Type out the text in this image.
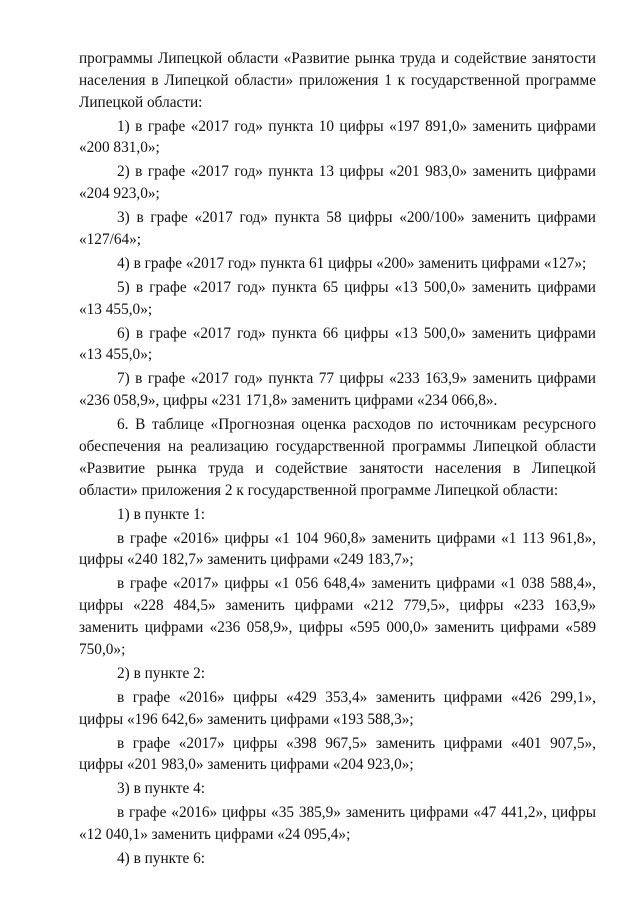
программы Липецкой области «Развитие рынка труда и содействие занятости населения в Липецкой области» приложения 1 к государственной программе Липецкой области:

1) в графе «2017 год» пункта 10 цифры «197 891,0» заменить цифрами «200 831,0»;

2) в графе «2017 год» пункта 13 цифры «201 983,0» заменить цифрами «204 923,0»;

3) в графе «2017 год» пункта 58 цифры «200/100» заменить цифрами «127/64»;

4) в графе «2017 год» пункта 61 цифры «200» заменить цифрами «127»;

5) в графе «2017 год» пункта 65 цифры «13 500,0» заменить цифрами «13 455,0»;

6) в графе «2017 год» пункта 66 цифры «13 500,0» заменить цифрами «13 455,0»;

7) в графе «2017 год» пункта 77 цифры «233 163,9» заменить цифрами «236 058,9», цифры «231 171,8» заменить цифрами «234 066,8».

6. В таблице «Прогнозная оценка расходов по источникам ресурсного обеспечения на реализацию государственной программы Липецкой области «Развитие рынка труда и содействие занятости населения в Липецкой области» приложения 2 к государственной программе Липецкой области:

1) в пункте 1:

в графе «2016» цифры «1 104 960,8» заменить цифрами «1 113 961,8», цифры «240 182,7» заменить цифрами «249 183,7»;

в графе «2017» цифры «1 056 648,4» заменить цифрами «1 038 588,4», цифры «228 484,5» заменить цифрами «212 779,5», цифры «233 163,9» заменить цифрами «236 058,9», цифры «595 000,0» заменить цифрами «589 750,0»;

2) в пункте 2:

в графе «2016» цифры «429 353,4» заменить цифрами «426 299,1», цифры «196 642,6» заменить цифрами «193 588,3»;

в графе «2017» цифры «398 967,5» заменить цифрами «401 907,5», цифры «201 983,0» заменить цифрами «204 923,0»;

3) в пункте 4:

в графе «2016» цифры «35 385,9» заменить цифрами «47 441,2», цифры «12 040,1» заменить цифрами «24 095,4»;

4) в пункте 6:
